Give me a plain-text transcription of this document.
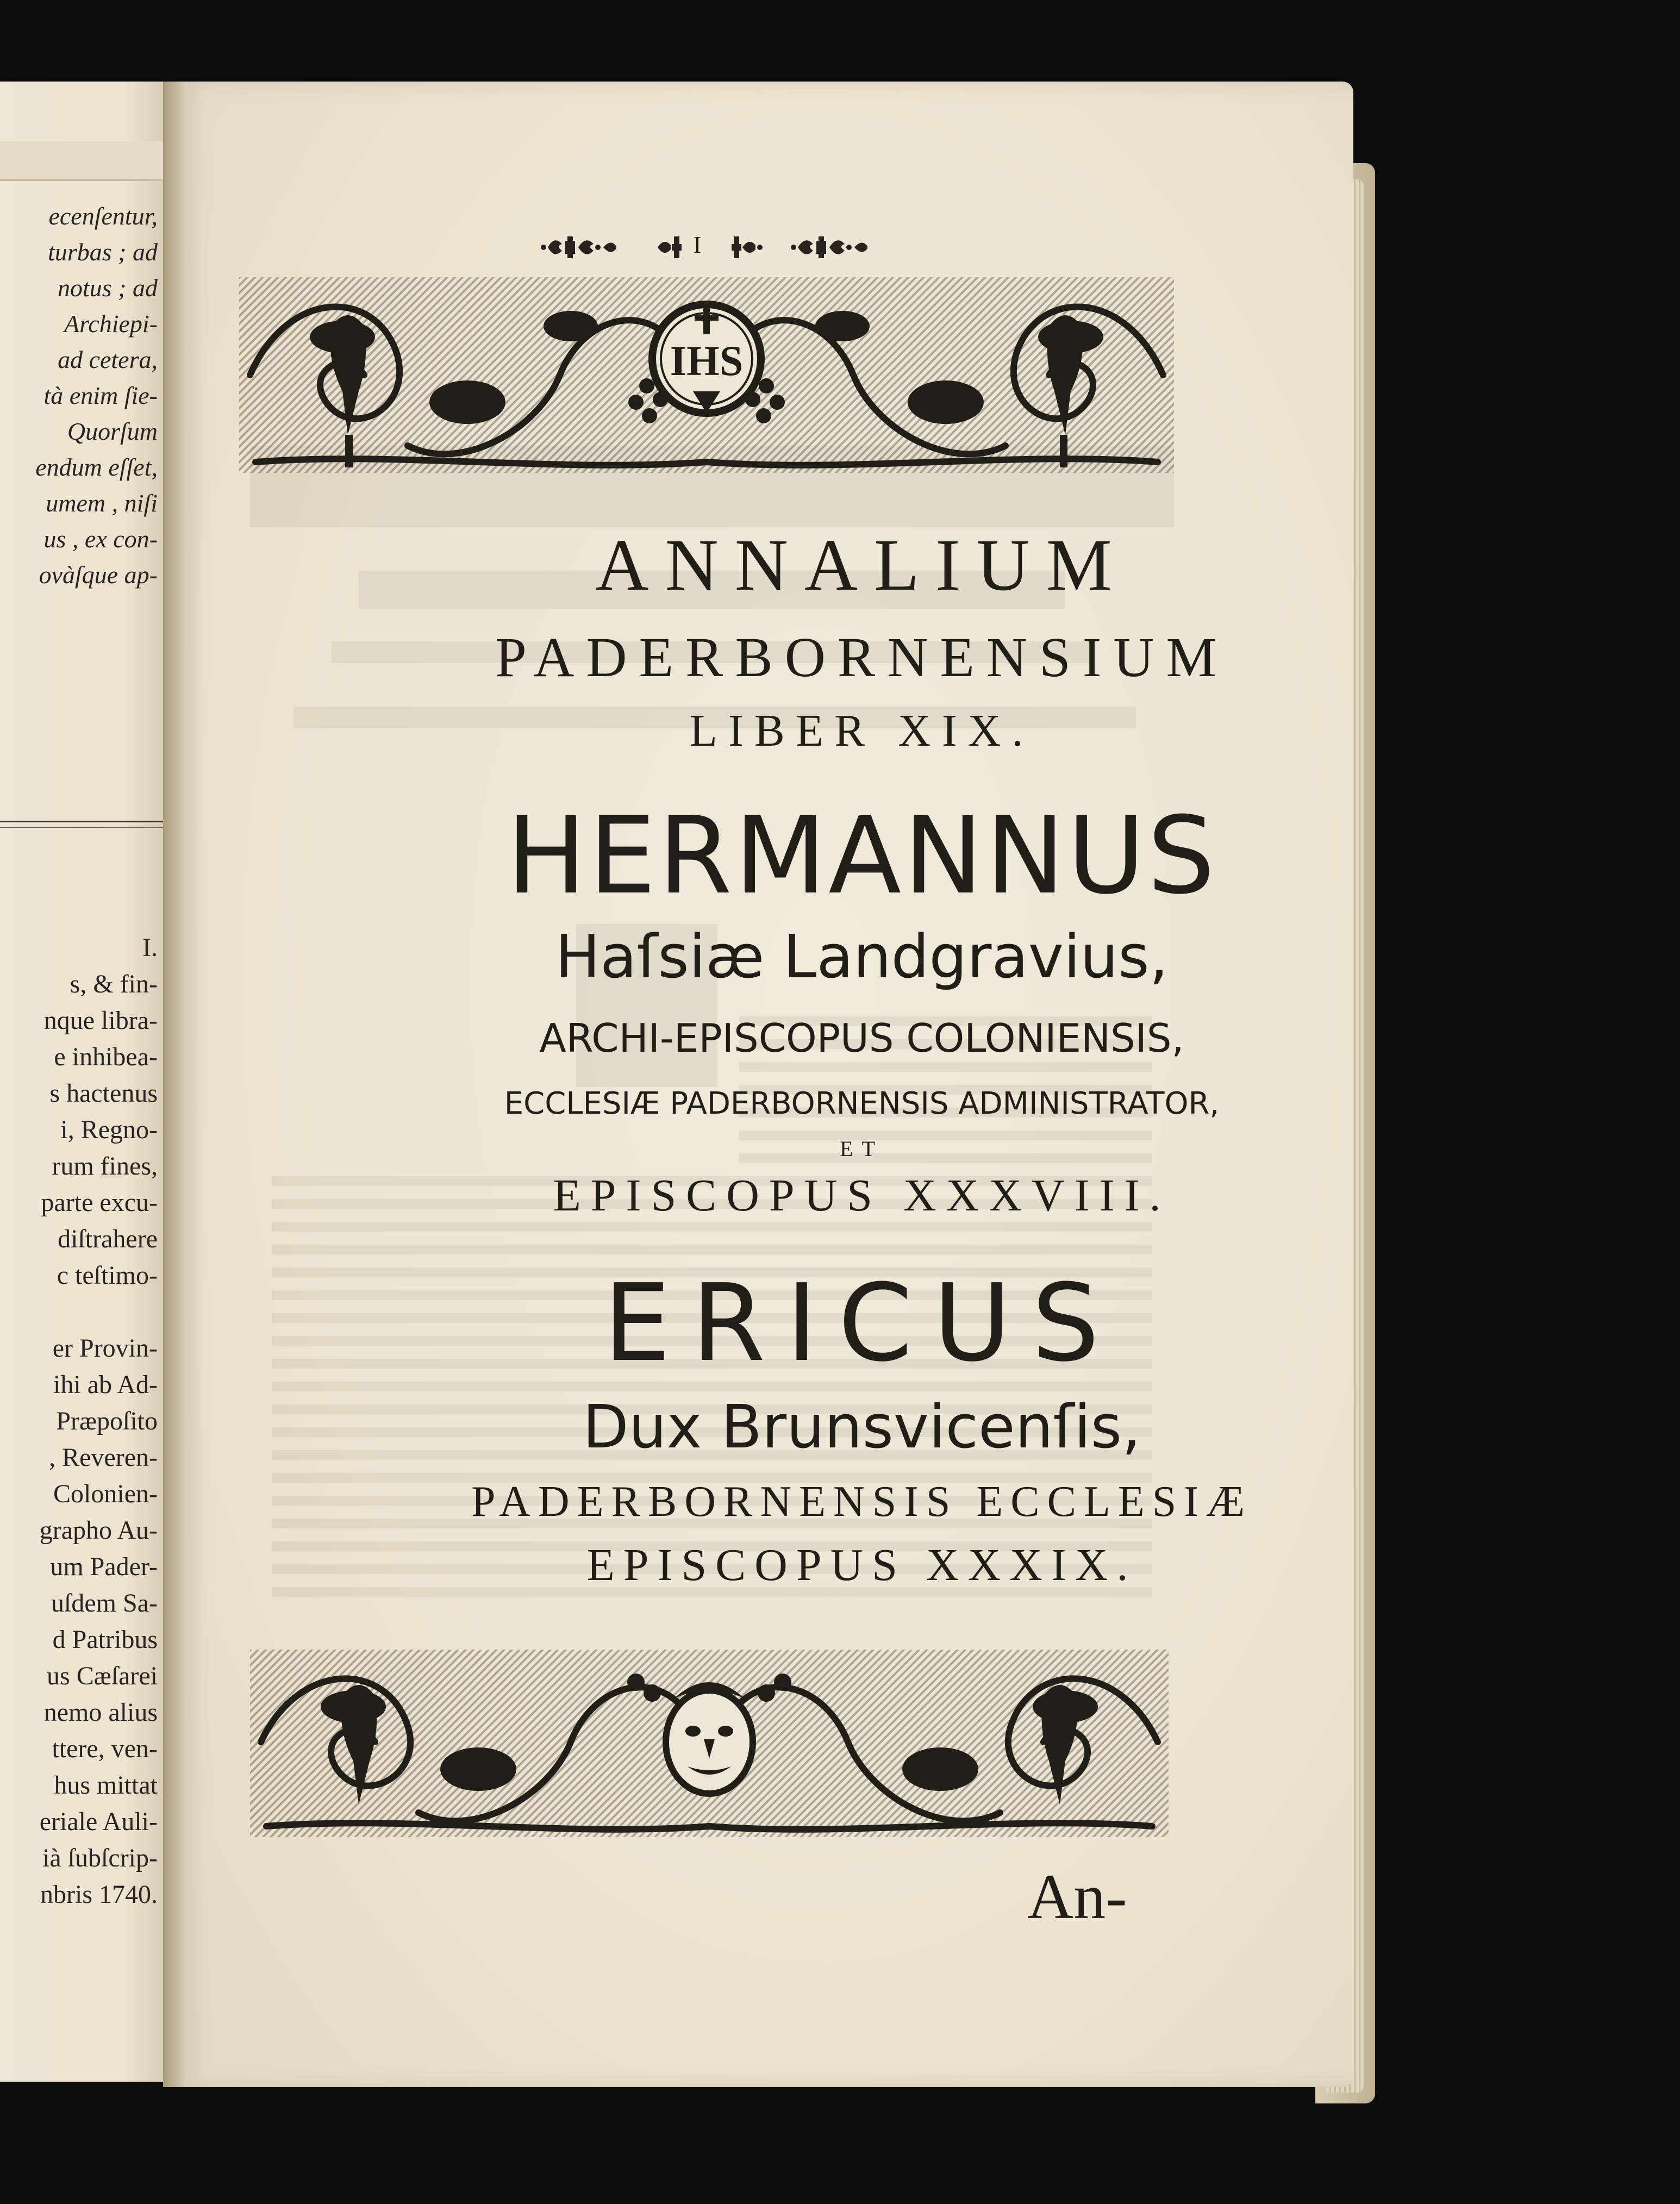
ecenſentur,
turbas ; ad
notus ; ad
Archiepi-
ad cetera,
tà enim ſie-
Quorſum
endum eſſet,
umem , niſi
us , ex con-
ovàſque ap-
I.
s, & fin-
nque libra-
e inhibea-
s hactenus
i, Regno-
rum fines,
parte excu-
diſtrahere
c teſtimo-
er Provin-
ihi ab Ad-
Præpoſito
, Reveren-
Colonien-
grapho Au-
um Pader-
uſdem Sa-
d Patribus
us Cæſarei
nemo alius
ttere, ven-
hus mittat
eriale Auli-
ià ſubſcrip-
nbris 1740.
I
IHS
ANNALIUM
PADERBORNENSIUM
LIBER XIX.
HERMANNUS
Haſsiæ Landgravius,
ARCHI-EPISCOPUS COLONIENSIS,
ECCLESIÆ PADERBORNENSIS ADMINISTRATOR,
ET
EPISCOPUS XXXVIII.
ERICUS
Dux Brunsvicenſis,
PADERBORNENSIS ECCLESIÆ
EPISCOPUS XXXIX.
An-
